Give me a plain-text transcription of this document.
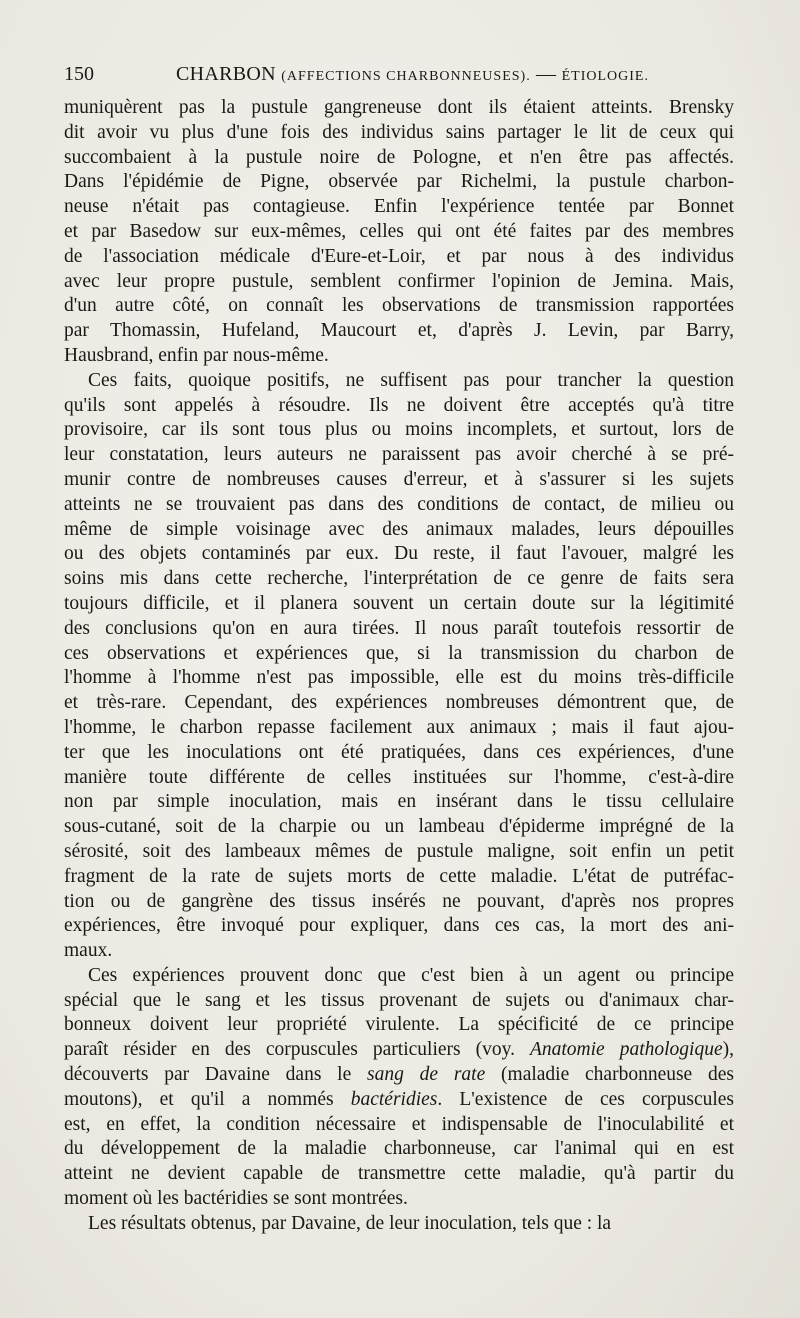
150	CHARBON (AFFECTIONS CHARBONNEUSES). — ÉTIOLOGIE.
muniquèrent pas la pustule gangreneuse dont ils étaient atteints. Brensky
dit avoir vu plus d'une fois des individus sains partager le lit de ceux qui
succombaient à la pustule noire de Pologne, et n'en être pas affectés.
Dans l'épidémie de Pigne, observée par Richelmi, la pustule charbon-
neuse n'était pas contagieuse. Enfin l'expérience tentée par Bonnet
et par Basedow sur eux-mêmes, celles qui ont été faites par des membres
de l'association médicale d'Eure-et-Loir, et par nous à des individus
avec leur propre pustule, semblent confirmer l'opinion de Jemina. Mais,
d'un autre côté, on connaît les observations de transmission rapportées
par Thomassin, Hufeland, Maucourt et, d'après J. Levin, par Barry,
Hausbrand, enfin par nous-même.
Ces faits, quoique positifs, ne suffisent pas pour trancher la question
qu'ils sont appelés à résoudre. Ils ne doivent être acceptés qu'à titre
provisoire, car ils sont tous plus ou moins incomplets, et surtout, lors de
leur constatation, leurs auteurs ne paraissent pas avoir cherché à se pré-
munir contre de nombreuses causes d'erreur, et à s'assurer si les sujets
atteints ne se trouvaient pas dans des conditions de contact, de milieu ou
même de simple voisinage avec des animaux malades, leurs dépouilles
ou des objets contaminés par eux. Du reste, il faut l'avouer, malgré les
soins mis dans cette recherche, l'interprétation de ce genre de faits sera
toujours difficile, et il planera souvent un certain doute sur la légitimité
des conclusions qu'on en aura tirées. Il nous paraît toutefois ressortir de
ces observations et expériences que, si la transmission du charbon de
l'homme à l'homme n'est pas impossible, elle est du moins très-difficile
et très-rare. Cependant, des expériences nombreuses démontrent que, de
l'homme, le charbon repasse facilement aux animaux ; mais il faut ajou-
ter que les inoculations ont été pratiquées, dans ces expériences, d'une
manière toute différente de celles instituées sur l'homme, c'est-à-dire
non par simple inoculation, mais en insérant dans le tissu cellulaire
sous-cutané, soit de la charpie ou un lambeau d'épiderme imprégné de la
sérosité, soit des lambeaux mêmes de pustule maligne, soit enfin un petit
fragment de la rate de sujets morts de cette maladie. L'état de putréfac-
tion ou de gangrène des tissus insérés ne pouvant, d'après nos propres
expériences, être invoqué pour expliquer, dans ces cas, la mort des ani-
maux.
Ces expériences prouvent donc que c'est bien à un agent ou principe
spécial que le sang et les tissus provenant de sujets ou d'animaux char-
bonneux doivent leur propriété virulente. La spécificité de ce principe
paraît résider en des corpuscules particuliers (voy. Anatomie pathologique),
découverts par Davaine dans le sang de rate (maladie charbonneuse des
moutons), et qu'il a nommés bactéridies. L'existence de ces corpuscules
est, en effet, la condition nécessaire et indispensable de l'inoculabilité et
du développement de la maladie charbonneuse, car l'animal qui en est
atteint ne devient capable de transmettre cette maladie, qu'à partir du
moment où les bactéridies se sont montrées.
Les résultats obtenus, par Davaine, de leur inoculation, tels que : la
